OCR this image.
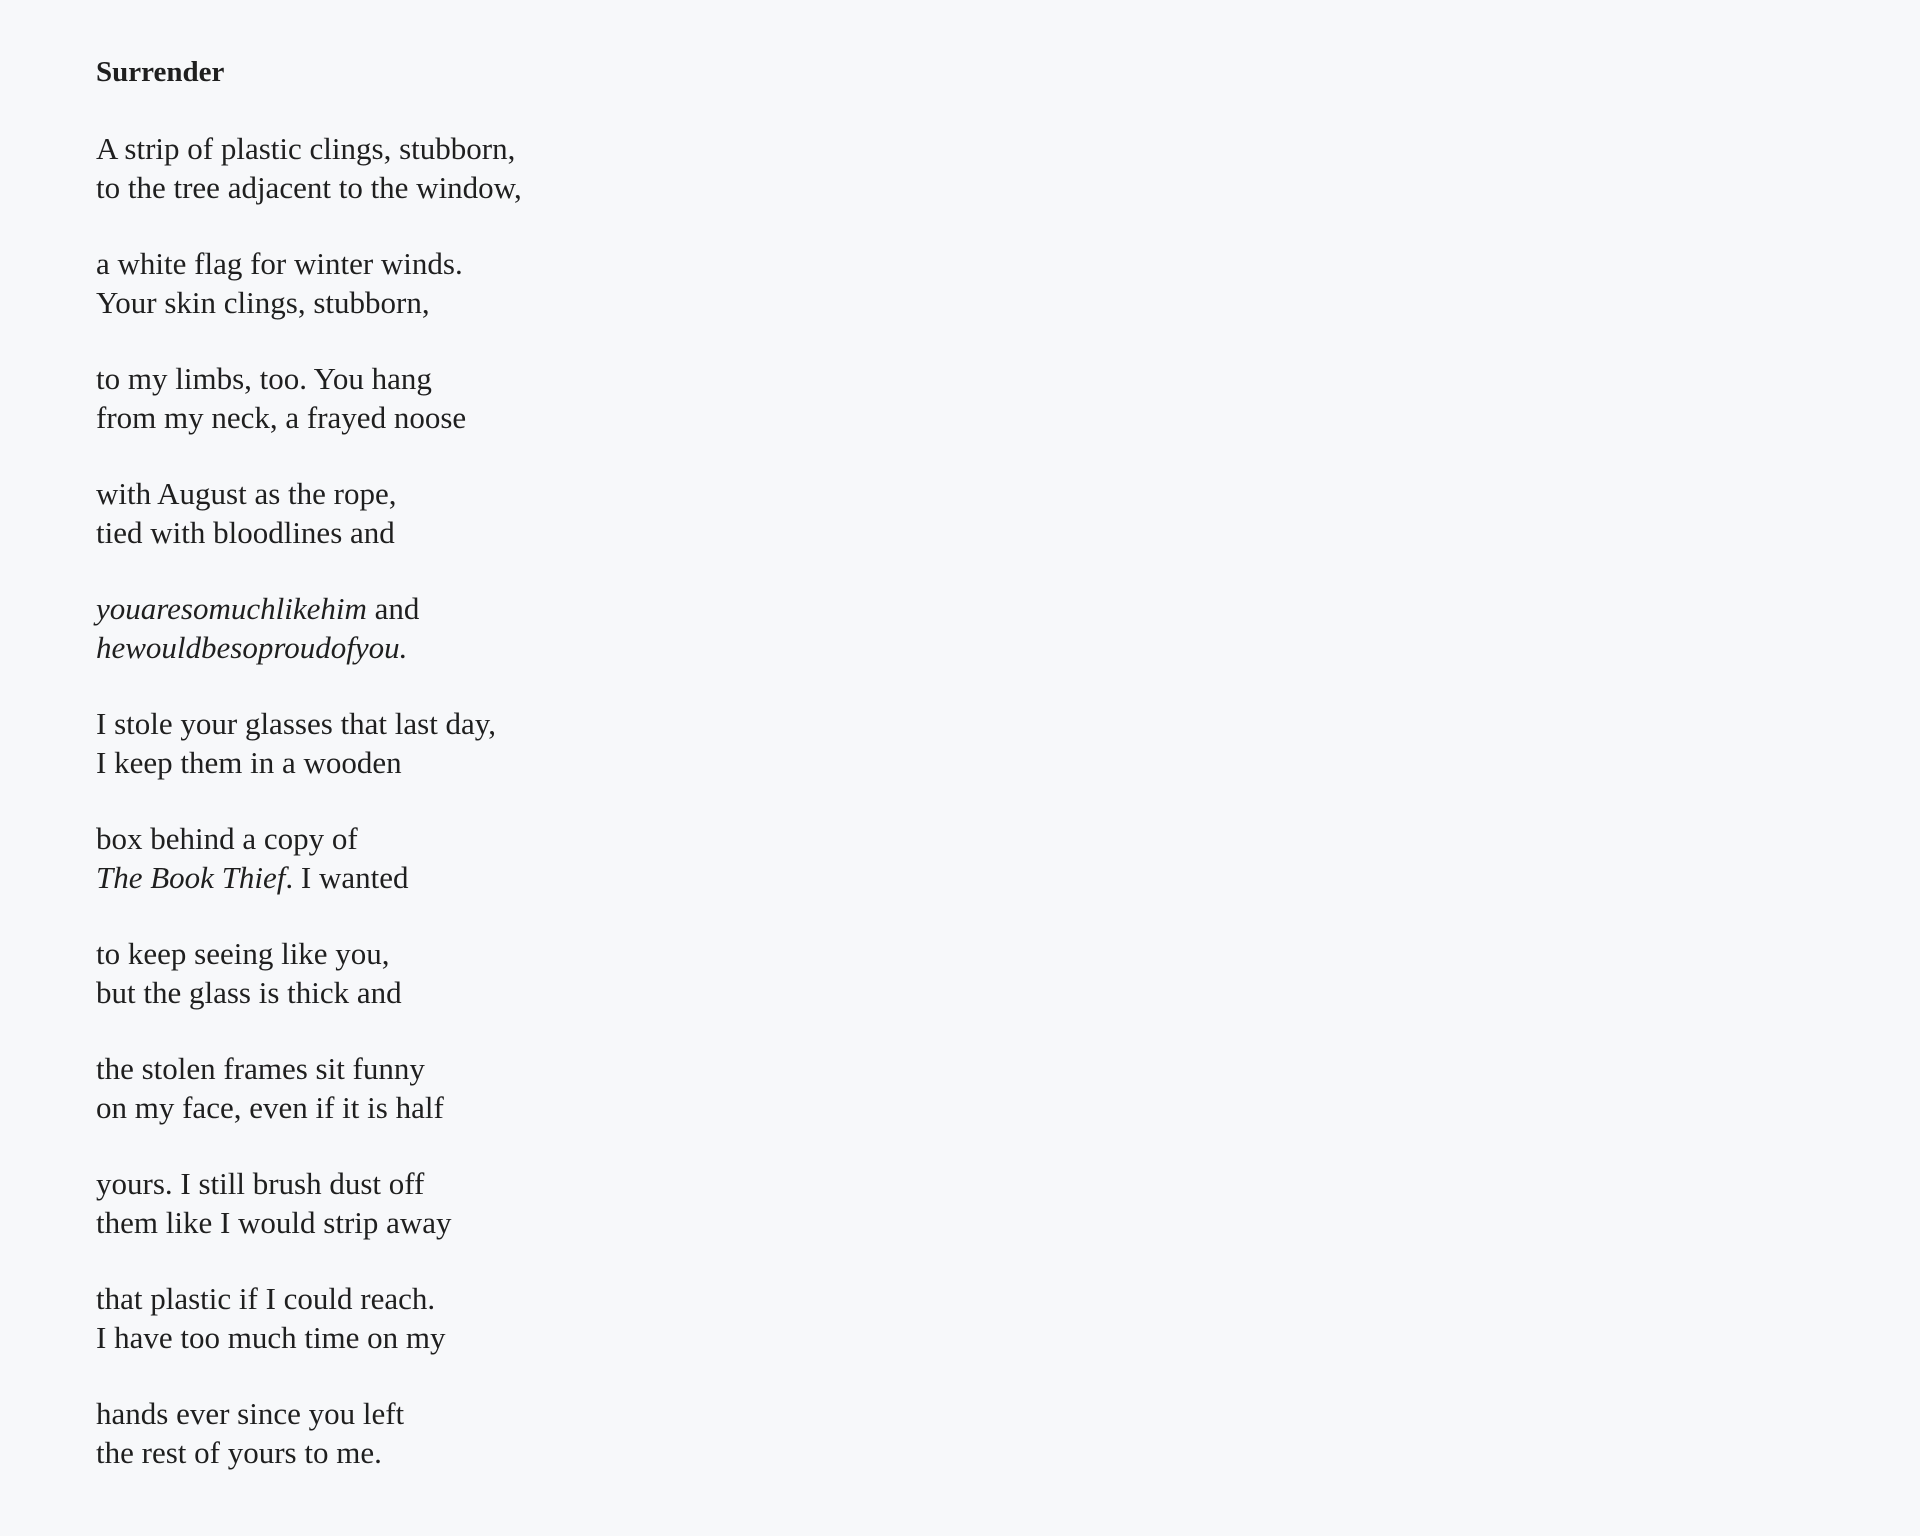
Surrender
A strip of plastic clings, stubborn,
to the tree adjacent to the window,
a white flag for winter winds.
Your skin clings, stubborn,
to my limbs, too. You hang
from my neck, a frayed noose
with August as the rope,
tied with bloodlines and
youaresomuchlikehim and
hewouldbesoproudofyou.
I stole your glasses that last day,
I keep them in a wooden
box behind a copy of
The Book Thief. I wanted
to keep seeing like you,
but the glass is thick and
the stolen frames sit funny
on my face, even if it is half
yours. I still brush dust off
them like I would strip away
that plastic if I could reach.
I have too much time on my
hands ever since you left
the rest of yours to me.
